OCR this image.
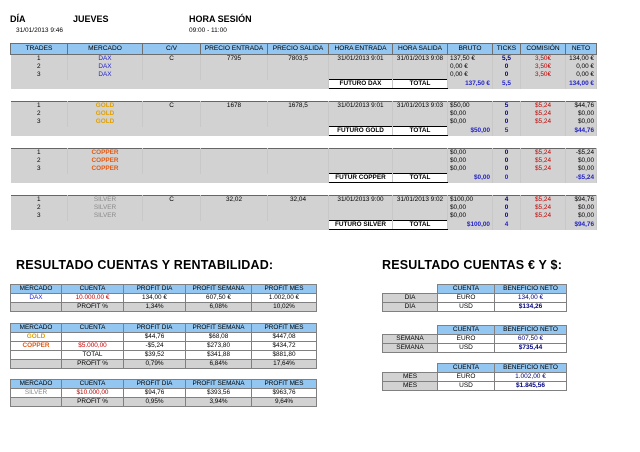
DÍA	JUEVES	HORA SESIÓN
31/01/2013 9:46	09:00 - 11:00
TRADES	MERCADO	C/V	PRECIO ENTRADA	PRECIO SALIDA	HORA ENTRADA	HORA SALIDA	BRUTO	TICKS	COMISIÓN	NETO
1	DAX	C	7795	7803,5	31/01/2013 9:01	31/01/2013 9:08	137,50 €	5,5	3,50€	134,00 €
2	DAX						0,00 €	0	3,50€	0,00 €
3	DAX						0,00 €	0	3,50€	0,00 €
					FUTURO DAX	TOTAL	137,50 €	5,5		134,00 €

1	GOLD	C	1678	1678,5	31/01/2013 9:01	31/01/2013 9:03	$50,00	5	$5,24	$44,76
2	GOLD						$0,00	0	$5,24	$0,00
3	GOLD						$0,00	0	$5,24	$0,00
					FUTURO GOLD	TOTAL	$50,00	5		$44,76

1	COPPER						$0,00	0	$5,24	-$5,24
2	COPPER						$0,00	0	$5,24	$0,00
3	COPPER						$0,00	0	$5,24	$0,00
					FUTUR COPPER	TOTAL	$0,00	0		-$5,24

1	SILVER	C	32,02	32,04	31/01/2013 9:00	31/01/2013 9:02	$100,00	4	$5,24	$94,76
2	SILVER						$0,00	0	$5,24	$0,00
3	SILVER						$0,00	0	$5,24	$0,00
					FUTURO SILVER	TOTAL	$100,00	4		$94,76
RESULTADO CUENTAS Y RENTABILIDAD:	RESULTADO CUENTAS € Y $:
MERCADO	CUENTA	PROFIT DÍA	PROFIT SEMANA	PROFIT MES
DAX	10.000,00 €	134,00 €	607,50 €	1.002,00 €
	PROFIT %	1,34%	6,08%	10,02%
MERCADO	CUENTA	PROFIT DÍA	PROFIT SEMANA	PROFIT MES
GOLD		$44,76	$68,08	$447,08
COPPER	$5.000,00	-$5,24	$273,80	$434,72
	TOTAL	$39,52	$341,88	$881,80
	PROFIT %	0,79%	6,84%	17,64%
MERCADO	CUENTA	PROFIT DÍA	PROFIT SEMANA	PROFIT MES
SILVER	$10.000,00	$94,76	$393,56	$963,76
	PROFIT %	0,95%	3,94%	9,64%
	CUENTA	BENEFICIO NETO
DÍA	EURO	134,00 €
DÍA	USD	$134,26
	CUENTA	BENEFICIO NETO
SEMANA	EURO	607,50 €
SEMANA	USD	$735,44
	CUENTA	BENEFICIO NETO
MES	EURO	1.002,00 €
MES	USD	$1.845,56
